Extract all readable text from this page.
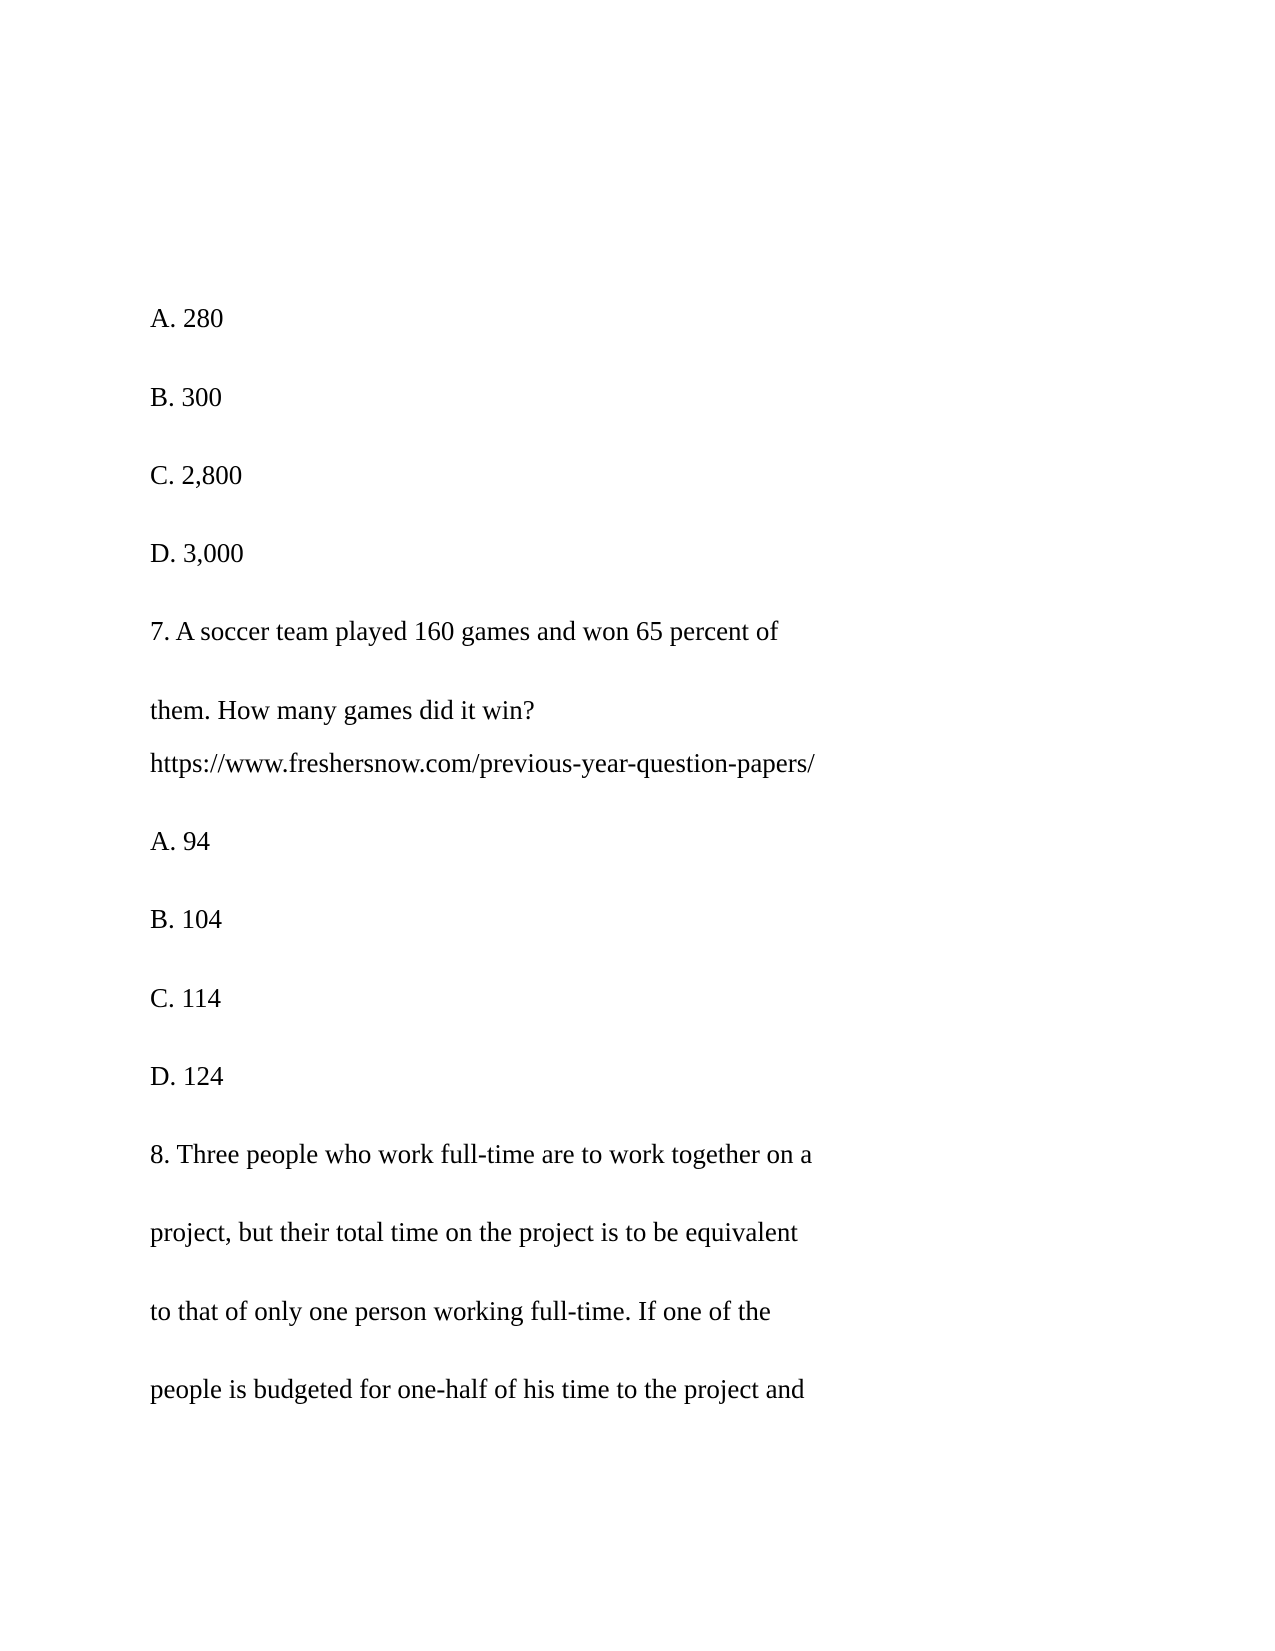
A. 280
B. 300
C. 2,800
D. 3,000
7. A soccer team played 160 games and won 65 percent of
them. How many games did it win?
https://www.freshersnow.com/previous-year-question-papers/
A. 94
B. 104
C. 114
D. 124
8. Three people who work full-time are to work together on a
project, but their total time on the project is to be equivalent
to that of only one person working full-time. If one of the
people is budgeted for one-half of his time to the project and
